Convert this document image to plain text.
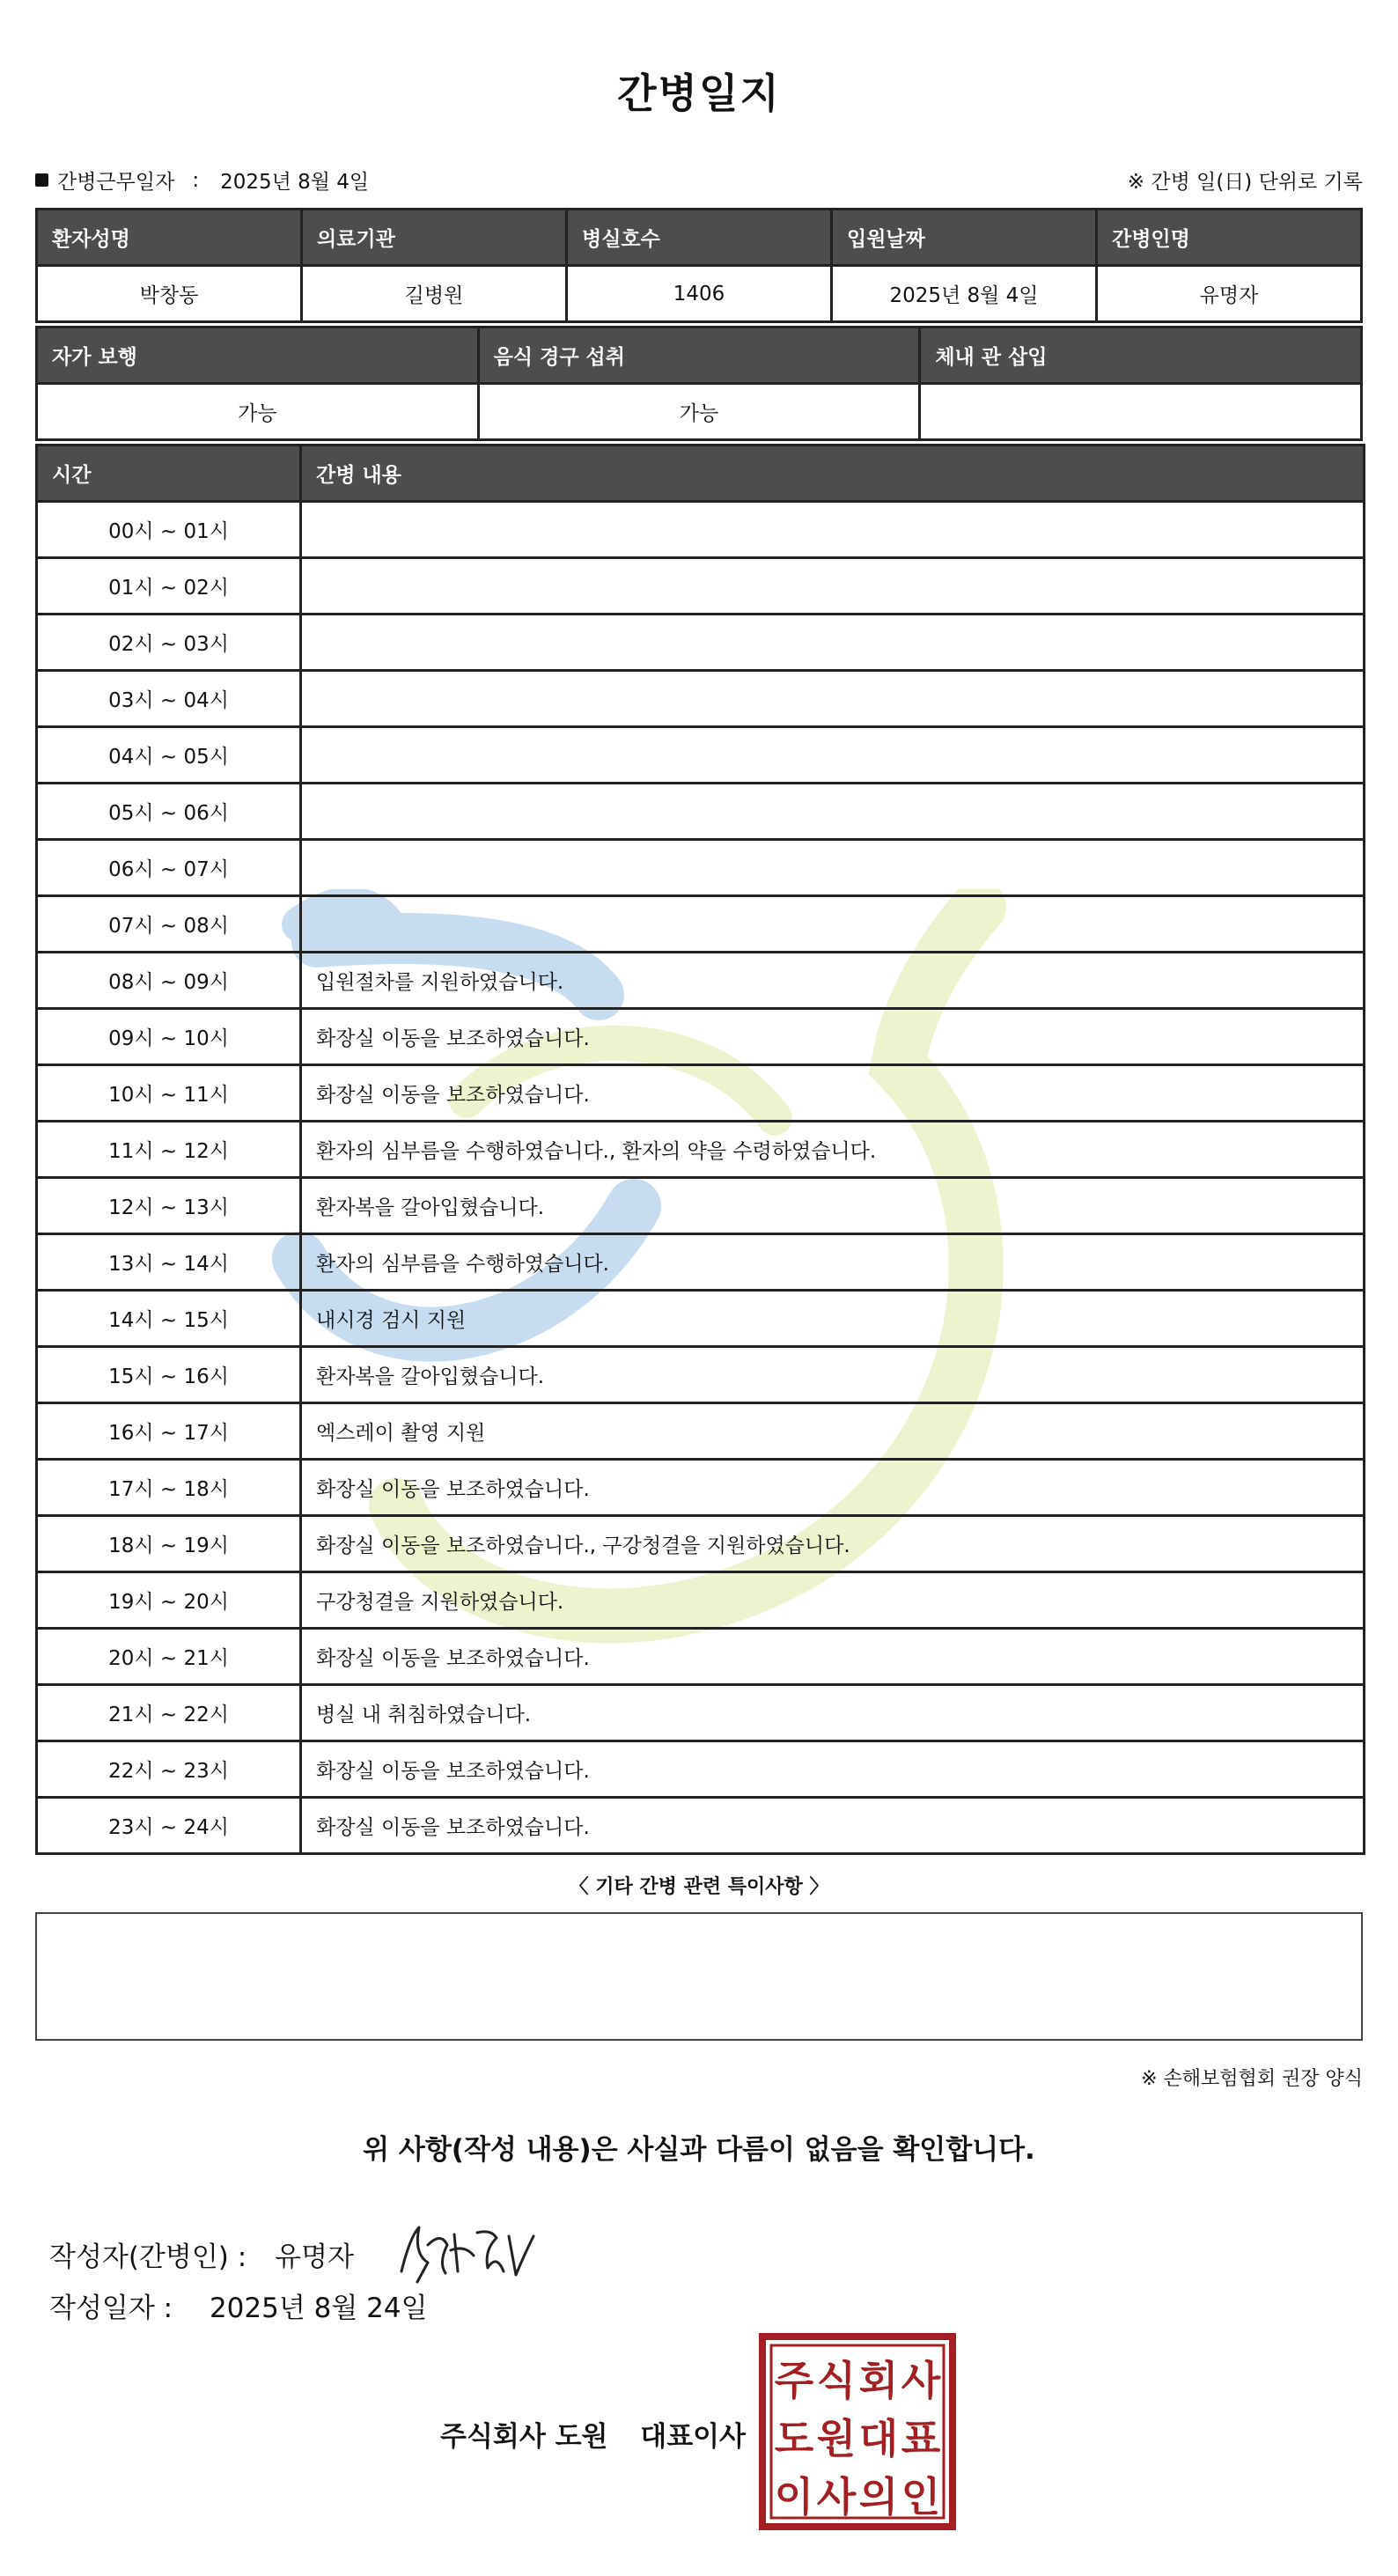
간병일지
간병근무일자 : 2025년 8월 4일	※ 간병 일(日) 단위로 기록
환자성명	의료기관	병실호수	입원날짜	간병인명
박창동	길병원	1406	2025년 8월 4일	유명자
자가 보행	음식 경구 섭취	체내 관 삽입
가능	가능	
시간	간병 내용
00시 ~ 01시	
01시 ~ 02시	
02시 ~ 03시	
03시 ~ 04시	
04시 ~ 05시	
05시 ~ 06시	
06시 ~ 07시	
07시 ~ 08시	
08시 ~ 09시	입원절차를 지원하였습니다.
09시 ~ 10시	화장실 이동을 보조하였습니다.
10시 ~ 11시	화장실 이동을 보조하였습니다.
11시 ~ 12시	환자의 심부름을 수행하였습니다., 환자의 약을 수령하였습니다.
12시 ~ 13시	환자복을 갈아입혔습니다.
13시 ~ 14시	환자의 심부름을 수행하였습니다.
14시 ~ 15시	내시경 검시 지원
15시 ~ 16시	환자복을 갈아입혔습니다.
16시 ~ 17시	엑스레이 촬영 지원
17시 ~ 18시	화장실 이동을 보조하였습니다.
18시 ~ 19시	화장실 이동을 보조하였습니다., 구강청결을 지원하였습니다.
19시 ~ 20시	구강청결을 지원하였습니다.
20시 ~ 21시	화장실 이동을 보조하였습니다.
21시 ~ 22시	병실 내 취침하였습니다.
22시 ~ 23시	화장실 이동을 보조하였습니다.
23시 ~ 24시	화장실 이동을 보조하였습니다.
〈 기타 간병 관련 특이사항 〉
※ 손해보험협회 권장 양식
위 사항(작성 내용)은 사실과 다름이 없음을 확인합니다.
작성자(간병인) : 유명자
작성일자 : 2025년 8월 24일
주식회사 도원 대표이사
주 식 회 사
도 원 대 표
이 사 의 인
